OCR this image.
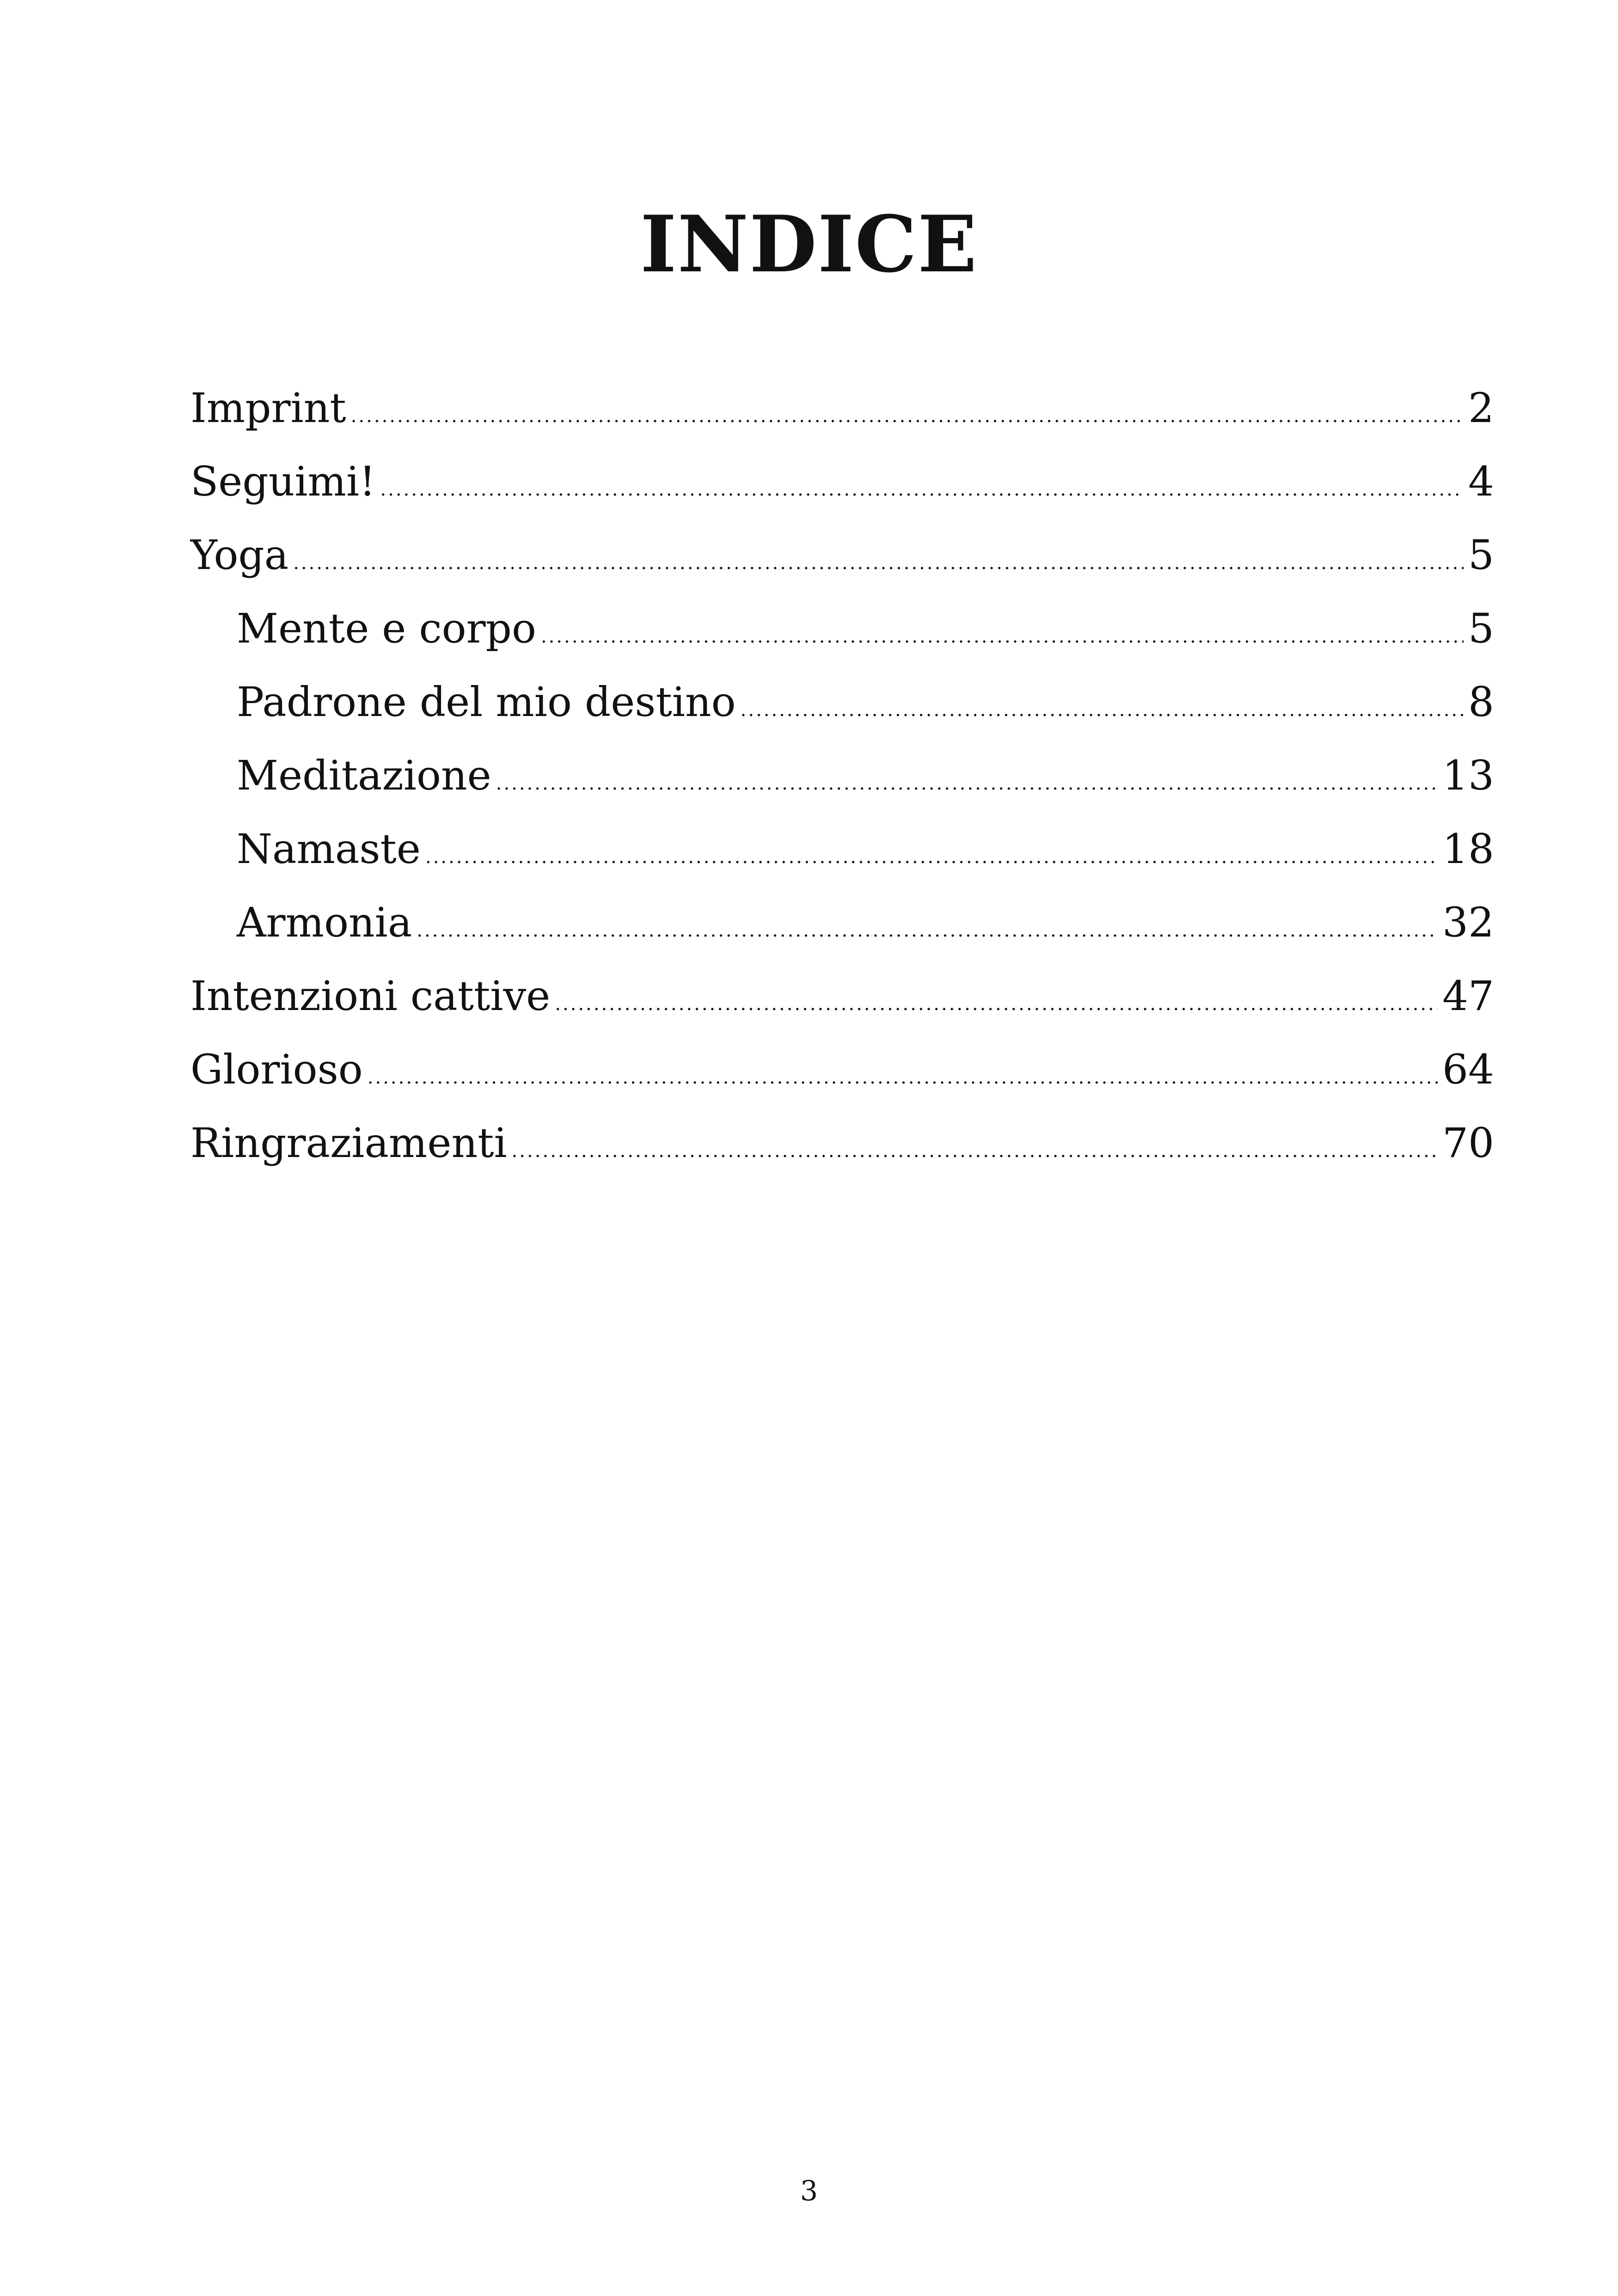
INDICE
Imprint .....	2
Seguimi! .....	4
Yoga .....	5
Mente e corpo .....	5
Padrone del mio destino .....	8
Meditazione .....	13
Namaste .....	18
Armonia .....	32
Intenzioni cattive .....	47
Glorioso .....	64
Ringraziamenti .....	70
3
